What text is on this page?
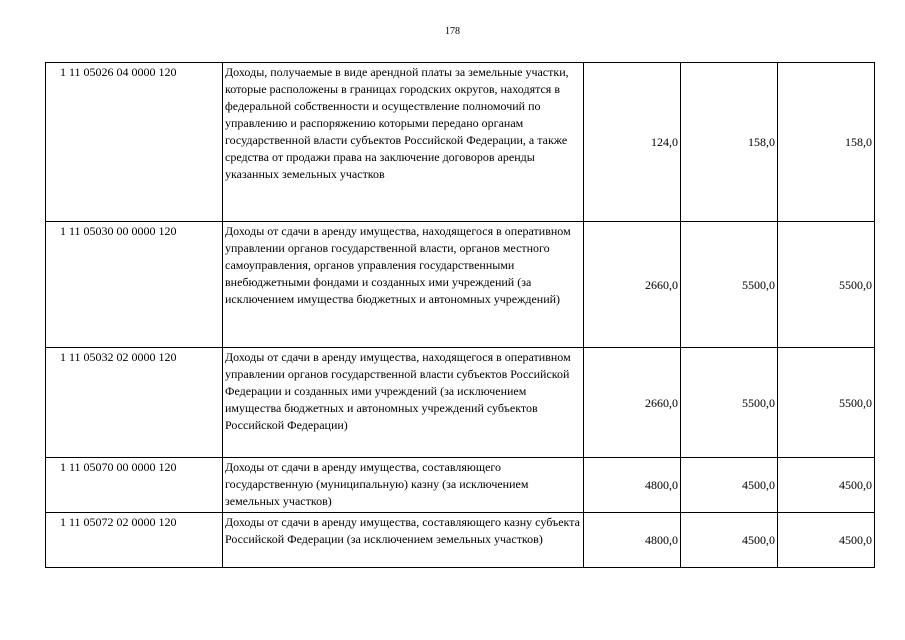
178
1 11 05026 04 0000 120	Доходы, получаемые в виде арендной платы за земельные участки, которые расположены в границах городских округов, находятся в федеральной собственности и осуществление полномочий по управлению и распоряжению которыми передано органам государственной власти субъектов Российской Федерации, а также средства от продажи права на заключение договоров аренды указанных земельных участков	124,0	158,0	158,0
1 11 05030 00 0000 120	Доходы от сдачи в аренду имущества, находящегося в оперативном управлении органов государственной власти, органов местного самоуправления, органов управления государственными внебюджетными фондами и созданных ими учреждений (за исключением имущества бюджетных и автономных учреждений)	2660,0	5500,0	5500,0
1 11 05032 02 0000 120	Доходы от сдачи в аренду имущества, находящегося в оперативном управлении органов государственной власти субъектов Российской Федерации и созданных ими учреждений (за исключением имущества бюджетных и автономных учреждений субъектов Российской Федерации)	2660,0	5500,0	5500,0
1 11 05070 00 0000 120	Доходы от сдачи в аренду имущества, составляющего государственную (муниципальную) казну (за исключением земельных участков)	4800,0	4500,0	4500,0
1 11 05072 02 0000 120	Доходы от сдачи в аренду имущества, составляющего казну субъекта Российской Федерации (за исключением земельных участков)	4800,0	4500,0	4500,0
